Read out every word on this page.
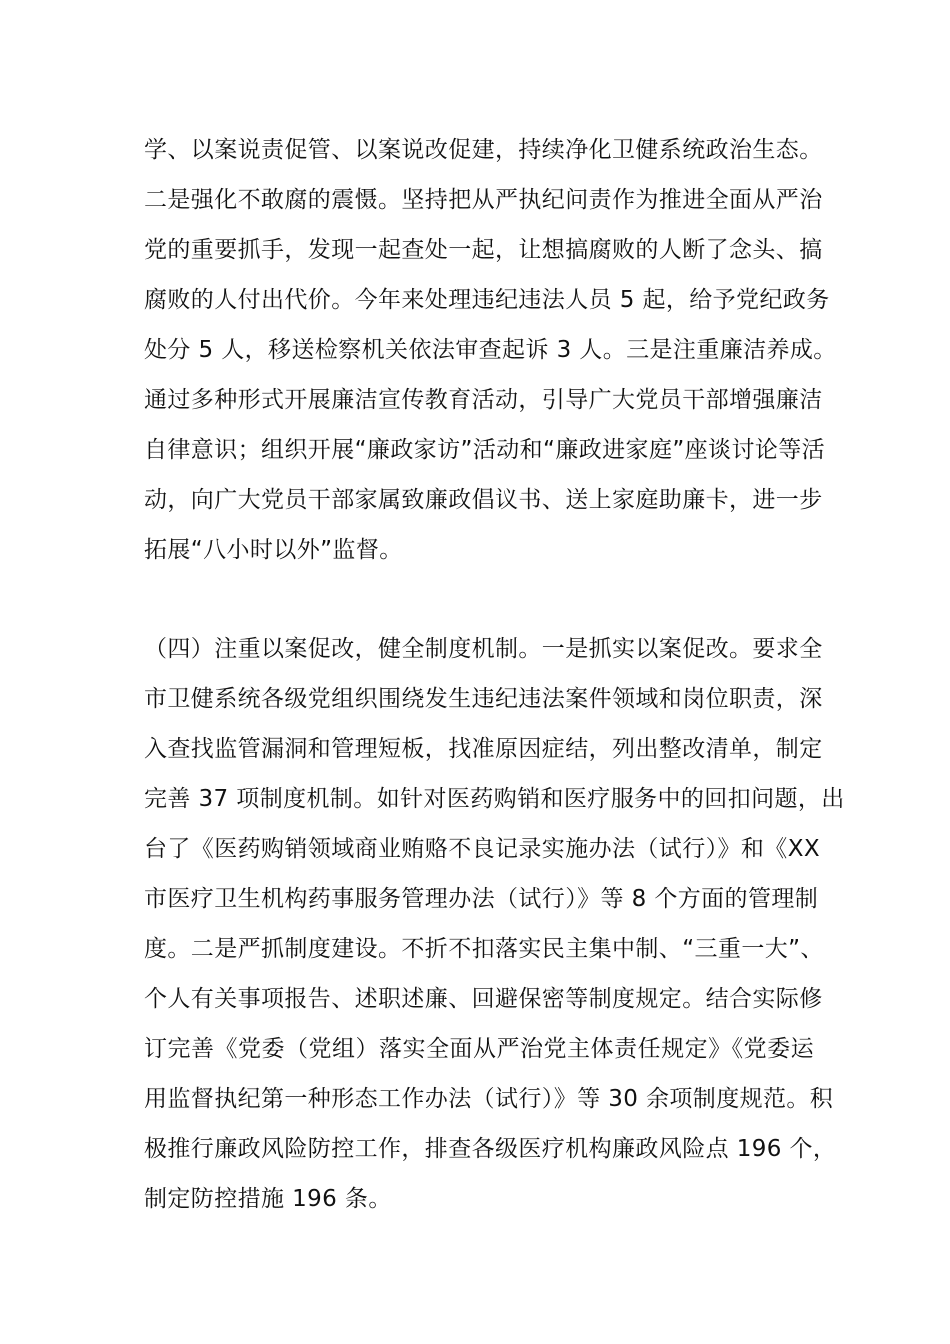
学、以案说责促管、以案说改促建，持续净化卫健系统政治生态。
二是强化不敢腐的震慑。坚持把从严执纪问责作为推进全面从严治
党的重要抓手，发现一起查处一起，让想搞腐败的人断了念头、搞
腐败的人付出代价。今年来处理违纪违法人员 5 起，给予党纪政务
处分 5 人，移送检察机关依法审查起诉 3 人。三是注重廉洁养成。
通过多种形式开展廉洁宣传教育活动，引导广大党员干部增强廉洁
自律意识；组织开展“廉政家访”活动和“廉政进家庭”座谈讨论等活
动，向广大党员干部家属致廉政倡议书、送上家庭助廉卡，进一步
拓展“八小时以外”监督。
（四）注重以案促改，健全制度机制。一是抓实以案促改。要求全
市卫健系统各级党组织围绕发生违纪违法案件领域和岗位职责，深
入查找监管漏洞和管理短板，找准原因症结，列出整改清单，制定
完善 37 项制度机制。如针对医药购销和医疗服务中的回扣问题，出
台了《医药购销领域商业贿赂不良记录实施办法（试行）》和《XX
市医疗卫生机构药事服务管理办法（试行）》等 8 个方面的管理制
度。二是严抓制度建设。不折不扣落实民主集中制、“三重一大”、
个人有关事项报告、述职述廉、回避保密等制度规定。结合实际修
订完善《党委（党组）落实全面从严治党主体责任规定》《党委运
用监督执纪第一种形态工作办法（试行）》等 30 余项制度规范。积
极推行廉政风险防控工作，排查各级医疗机构廉政风险点 196 个，
制定防控措施 196 条。
